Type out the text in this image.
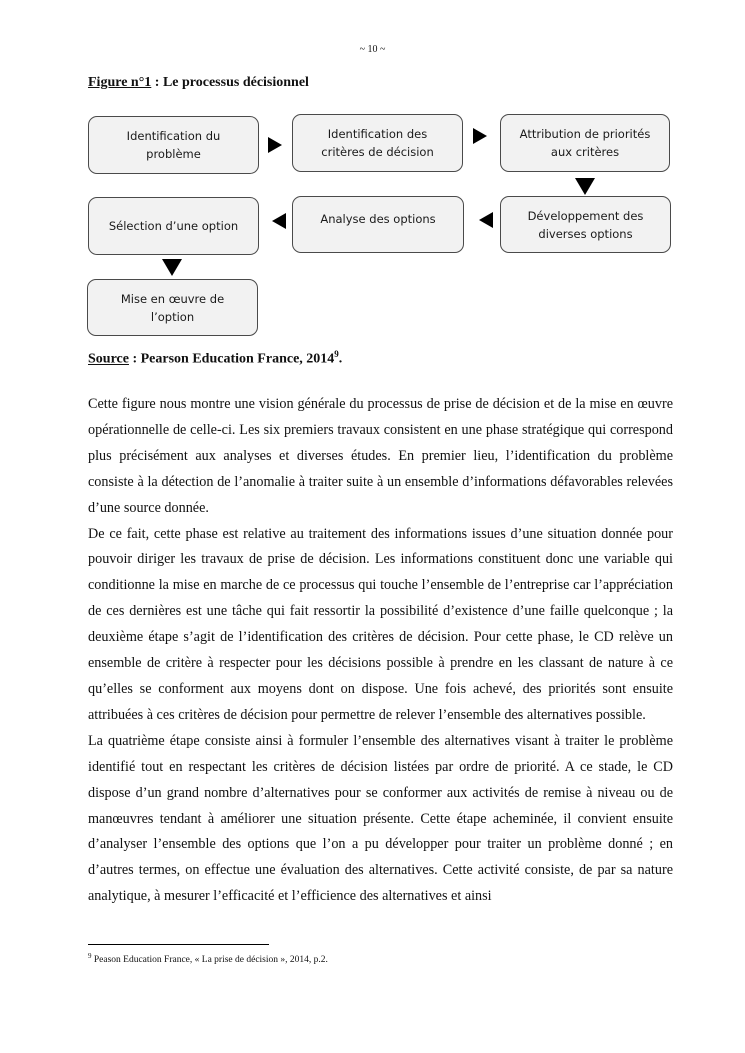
~ 10 ~
Figure n°1 : Le processus décisionnel
Identification du problème
Identification des critères de décision
Attribution de priorités aux critères
Développement des diverses options
Analyse des options
Sélection d’une option
Mise en œuvre de l’option
Source : Pearson Education France, 2014$^9$.

Cette figure nous montre une vision générale du processus de prise de décision et de la mise en œuvre opérationnelle de celle-ci. Les six premiers travaux consistent en une phase stratégique qui correspond plus précisément aux analyses et diverses études. En premier lieu, l’identification du problème consiste à la détection de l’anomalie à traiter suite à un ensemble d’informations défavorables relevées d’une source donnée.

De ce fait, cette phase est relative au traitement des informations issues d’une situation donnée pour pouvoir diriger les travaux de prise de décision. Les informations constituent donc une variable qui conditionne la mise en marche de ce processus qui touche l’ensemble de l’entreprise car l’appréciation de ces dernières est une tâche qui fait ressortir la possibilité d’existence d’une faille quelconque ; la deuxième étape s’agit de l’identification des critères de décision. Pour cette phase, le CD relève un ensemble de critère à respecter pour les décisions possible à prendre en les classant de nature à ce qu’elles se conforment aux moyens dont on dispose. Une fois achevé, des priorités sont ensuite attribuées à ces critères de décision pour permettre de relever l’ensemble des alternatives possible.

La quatrième étape consiste ainsi à formuler l’ensemble des alternatives visant à traiter le problème identifié tout en respectant les critères de décision listées par ordre de priorité. A ce stade, le CD dispose d’un grand nombre d’alternatives pour se conformer aux activités de remise à niveau ou de manœuvres tendant à améliorer une situation présente. Cette étape acheminée, il convient ensuite d’analyser l’ensemble des options que l’on a pu développer pour traiter un problème donné ; en d’autres termes, on effectue une évaluation des alternatives. Cette activité consiste, de par sa nature analytique, à mesurer l’efficacité et l’efficience des alternatives et ainsi

$^9$ Peason Education France, « La prise de décision », 2014, p.2.
